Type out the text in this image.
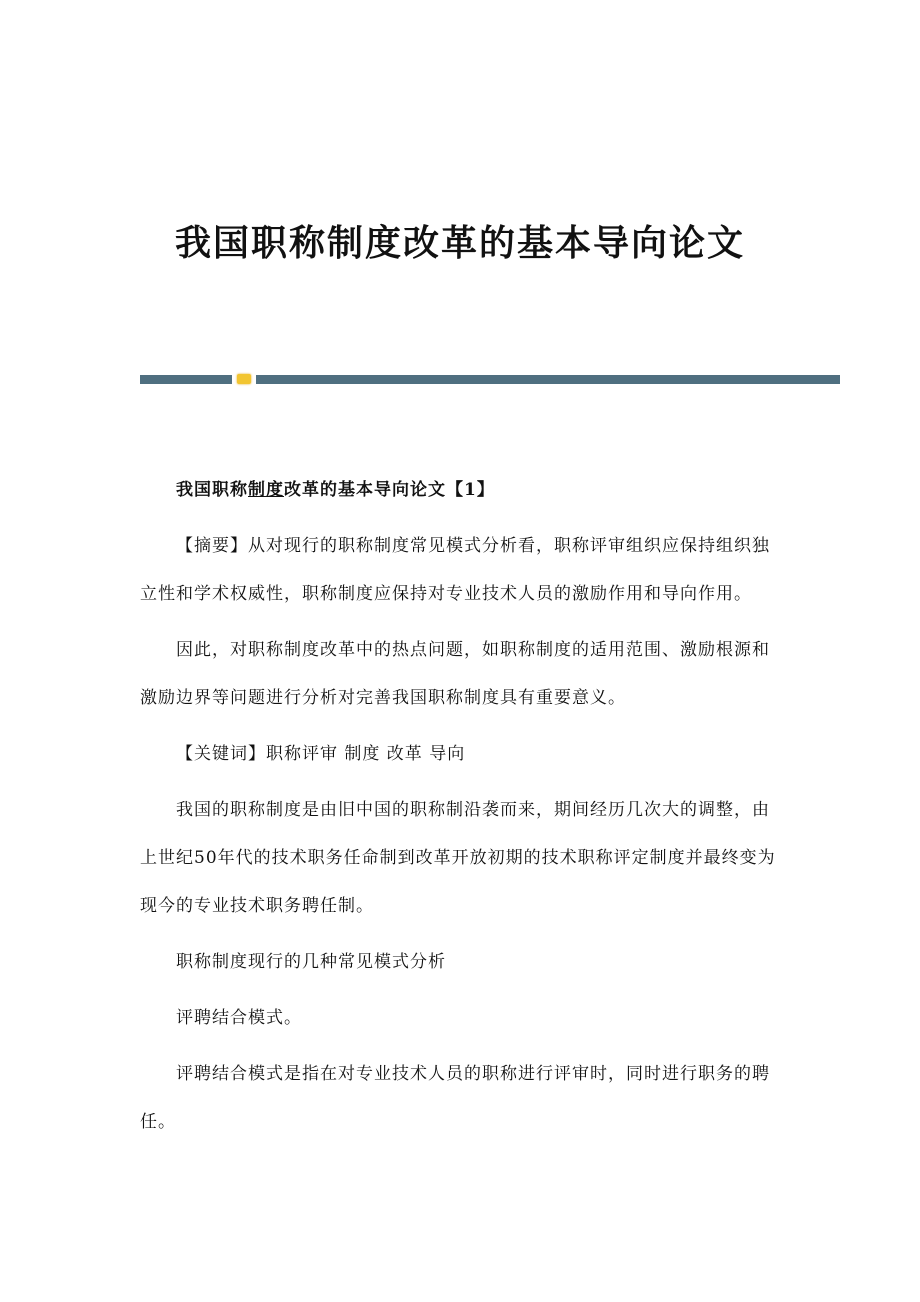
我国职称制度改革的基本导向论文

我国职称制度改革的基本导向论文【1】

【摘要】从对现行的职称制度常见模式分析看，职称评审组织应保持组织独立性和学术权威性，职称制度应保持对专业技术人员的激励作用和导向作用。

因此，对职称制度改革中的热点问题，如职称制度的适用范围、激励根源和激励边界等问题进行分析对完善我国职称制度具有重要意义。

【关键词】职称评审 制度 改革 导向

我国的职称制度是由旧中国的职称制沿袭而来，期间经历几次大的调整，由上世纪50年代的技术职务任命制到改革开放初期的技术职称评定制度并最终变为现今的专业技术职务聘任制。

职称制度现行的几种常见模式分析

评聘结合模式。

评聘结合模式是指在对专业技术人员的职称进行评审时，同时进行职务的聘任。
